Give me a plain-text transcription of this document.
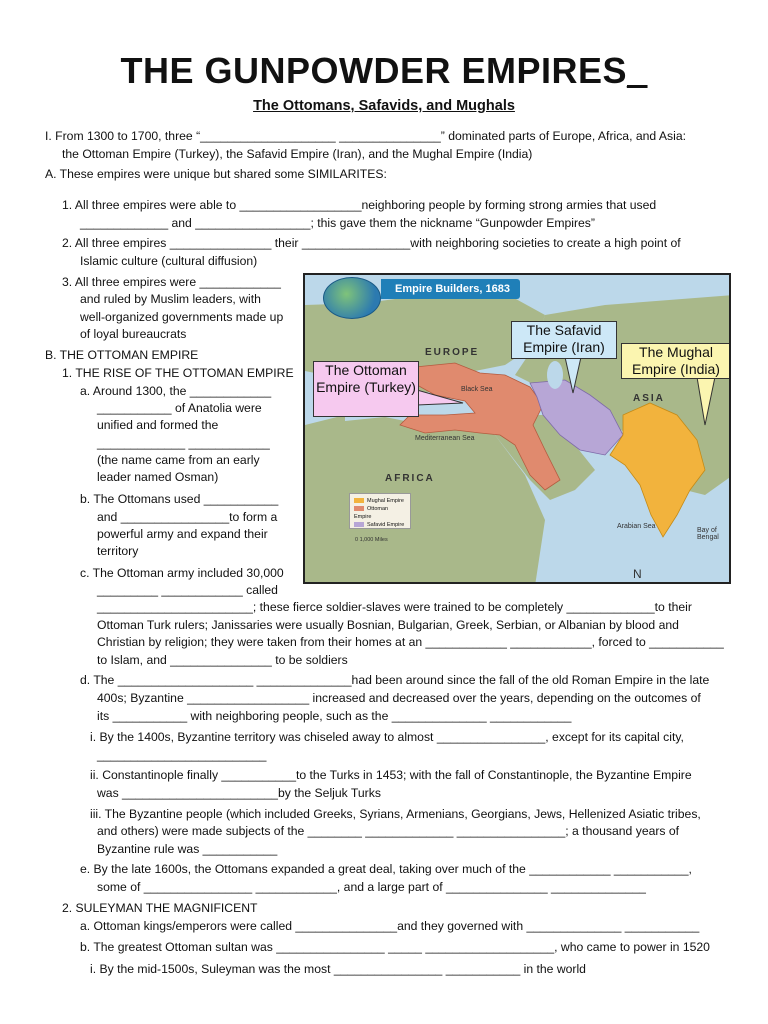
THE GUNPOWDER EMPIRES_
The Ottomans, Safavids, and Mughals
I. From 1300 to 1700, three “____________________ _______________” dominated parts of Europe, Africa, and Asia:
the Ottoman Empire (Turkey), the Safavid Empire (Iran), and the Mughal Empire (India)
A. These empires were unique but shared some SIMILARITES:
1. All three empires were able to __________________neighboring people by forming strong armies that used
_____________ and _________________; this gave them the nickname “Gunpowder Empires”
2. All three empires _______________ their ________________with neighboring societies to create a high point of
Islamic culture (cultural diffusion)
3. All three empires were ____________
and ruled by Muslim leaders, with
well-organized governments made up
of loyal bureaucrats
B. THE OTTOMAN EMPIRE
1. THE RISE OF THE OTTOMAN EMPIRE
a. Around 1300, the ____________
___________ of Anatolia were
unified and formed the
_____________ ____________
(the name came from an early
leader named Osman)
b. The Ottomans used ___________
and ________________to form a
powerful army and expand their
territory
c. The Ottoman army included 30,000
_________ ____________ called
_______________________; these fierce soldier-slaves were trained to be completely _____________to their
Ottoman Turk rulers; Janissaries were usually Bosnian, Bulgarian, Greek, Serbian, or Albanian by blood and
Christian by religion; they were taken from their homes at an ____________ ____________, forced to ___________
to Islam, and _______________ to be soldiers
d. The ____________________ ______________had been around since the fall of the old Roman Empire in the late
400s; Byzantine __________________ increased and decreased over the years, depending on the outcomes of
its ___________ with neighboring people, such as the ______________ ____________
i. By the 1400s, Byzantine territory was chiseled away to almost ________________, except for its capital city,
_________________________
ii. Constantinople finally ___________to the Turks in 1453; with the fall of Constantinople, the Byzantine Empire
was _______________________by the Seljuk Turks
iii. The Byzantine people (which included Greeks, Syrians, Armenians, Georgians, Jews, Hellenized Asiatic tribes,
and others) were made subjects of the ________ _____________ ________________; a thousand years of
Byzantine rule was ___________
e. By the late 1600s, the Ottomans expanded a great deal, taking over much of the ____________ ___________,
some of ________________ ____________, and a large part of _______________ ______________
2. SULEYMAN THE MAGNIFICENT
a. Ottoman kings/emperors were called _______________and they governed with ______________ ___________
b. The greatest Ottoman sultan was ________________ _____ ___________________, who came to power in 1520
i. By the mid-1500s, Suleyman was the most ________________ ___________ in the world
Empire Builders, 1683
EUROPE
ASIA
AFRICA
Black Sea
Mediterranean Sea
Arabian Sea
Bay of Bengal
The Ottoman Empire (Turkey)
The Safavid Empire (Iran)	The Mughal Empire (India)
Mughal Empire
Ottoman Empire
Safavid Empire
0 1,000 Miles
N
